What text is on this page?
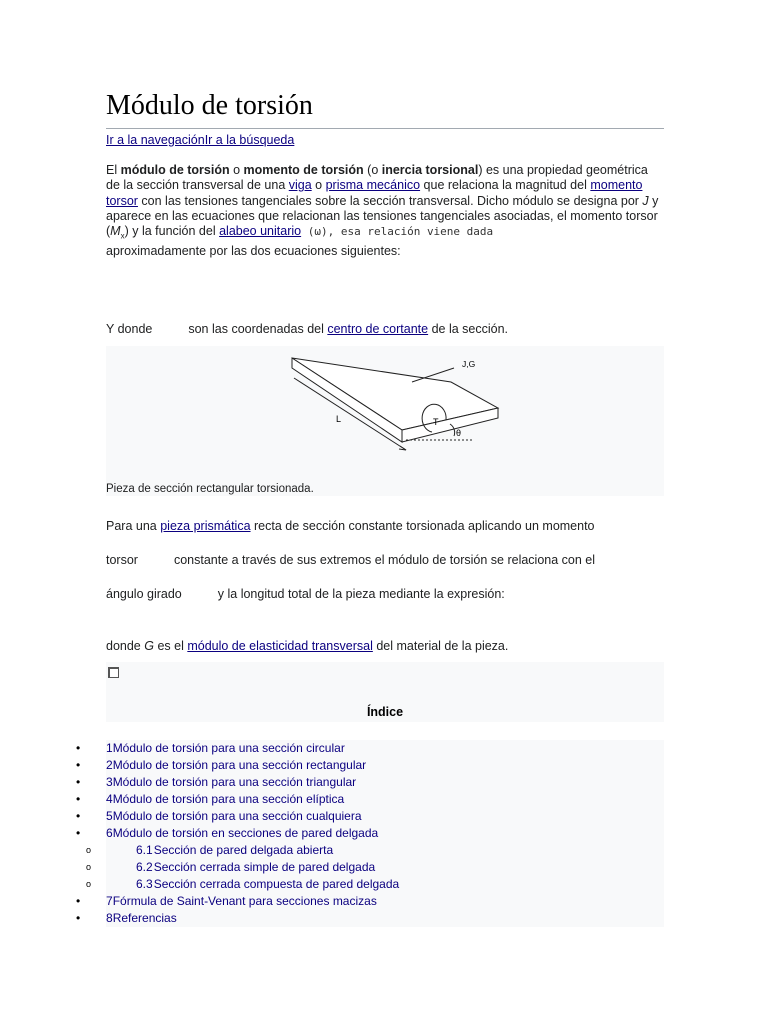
Módulo de torsión
Ir a la navegaciónIr a la búsqueda

El módulo de torsión o momento de torsión (o inercia torsional) es una propiedad geométrica de la sección transversal de una viga o prisma mecánico que relaciona la magnitud del momento torsor con las tensiones tangenciales sobre la sección transversal. Dicho módulo se designa por J y aparece en las ecuaciones que relacionan las tensiones tangenciales asociadas, el momento torsor $(M_x)$ y la función del alabeo unitario (ω), esa relación viene dada
aproximadamente por las dos ecuaciones siguientes:

Y donde	son las coordenadas del centro de cortante de la sección.

J,G
L	T
θ
Pieza de sección rectangular torsionada.

Para una pieza prismática recta de sección constante torsionada aplicando un momento
torsor	constante a través de sus extremos el módulo de torsión se relaciona con el
ángulo girado	y la longitud total de la pieza mediante la expresión:

donde G es el módulo de elasticidad transversal del material de la pieza.

Índice
•	1Módulo de torsión para una sección circular
•	2Módulo de torsión para una sección rectangular
•	3Módulo de torsión para una sección triangular
•	4Módulo de torsión para una sección elíptica
•	5Módulo de torsión para una sección cualquiera
•	6Módulo de torsión en secciones de pared delgada
o	6.1Sección de pared delgada abierta
o	6.2Sección cerrada simple de pared delgada
o	6.3Sección cerrada compuesta de pared delgada
•	7Fórmula de Saint-Venant para secciones macizas
•	8Referencias
